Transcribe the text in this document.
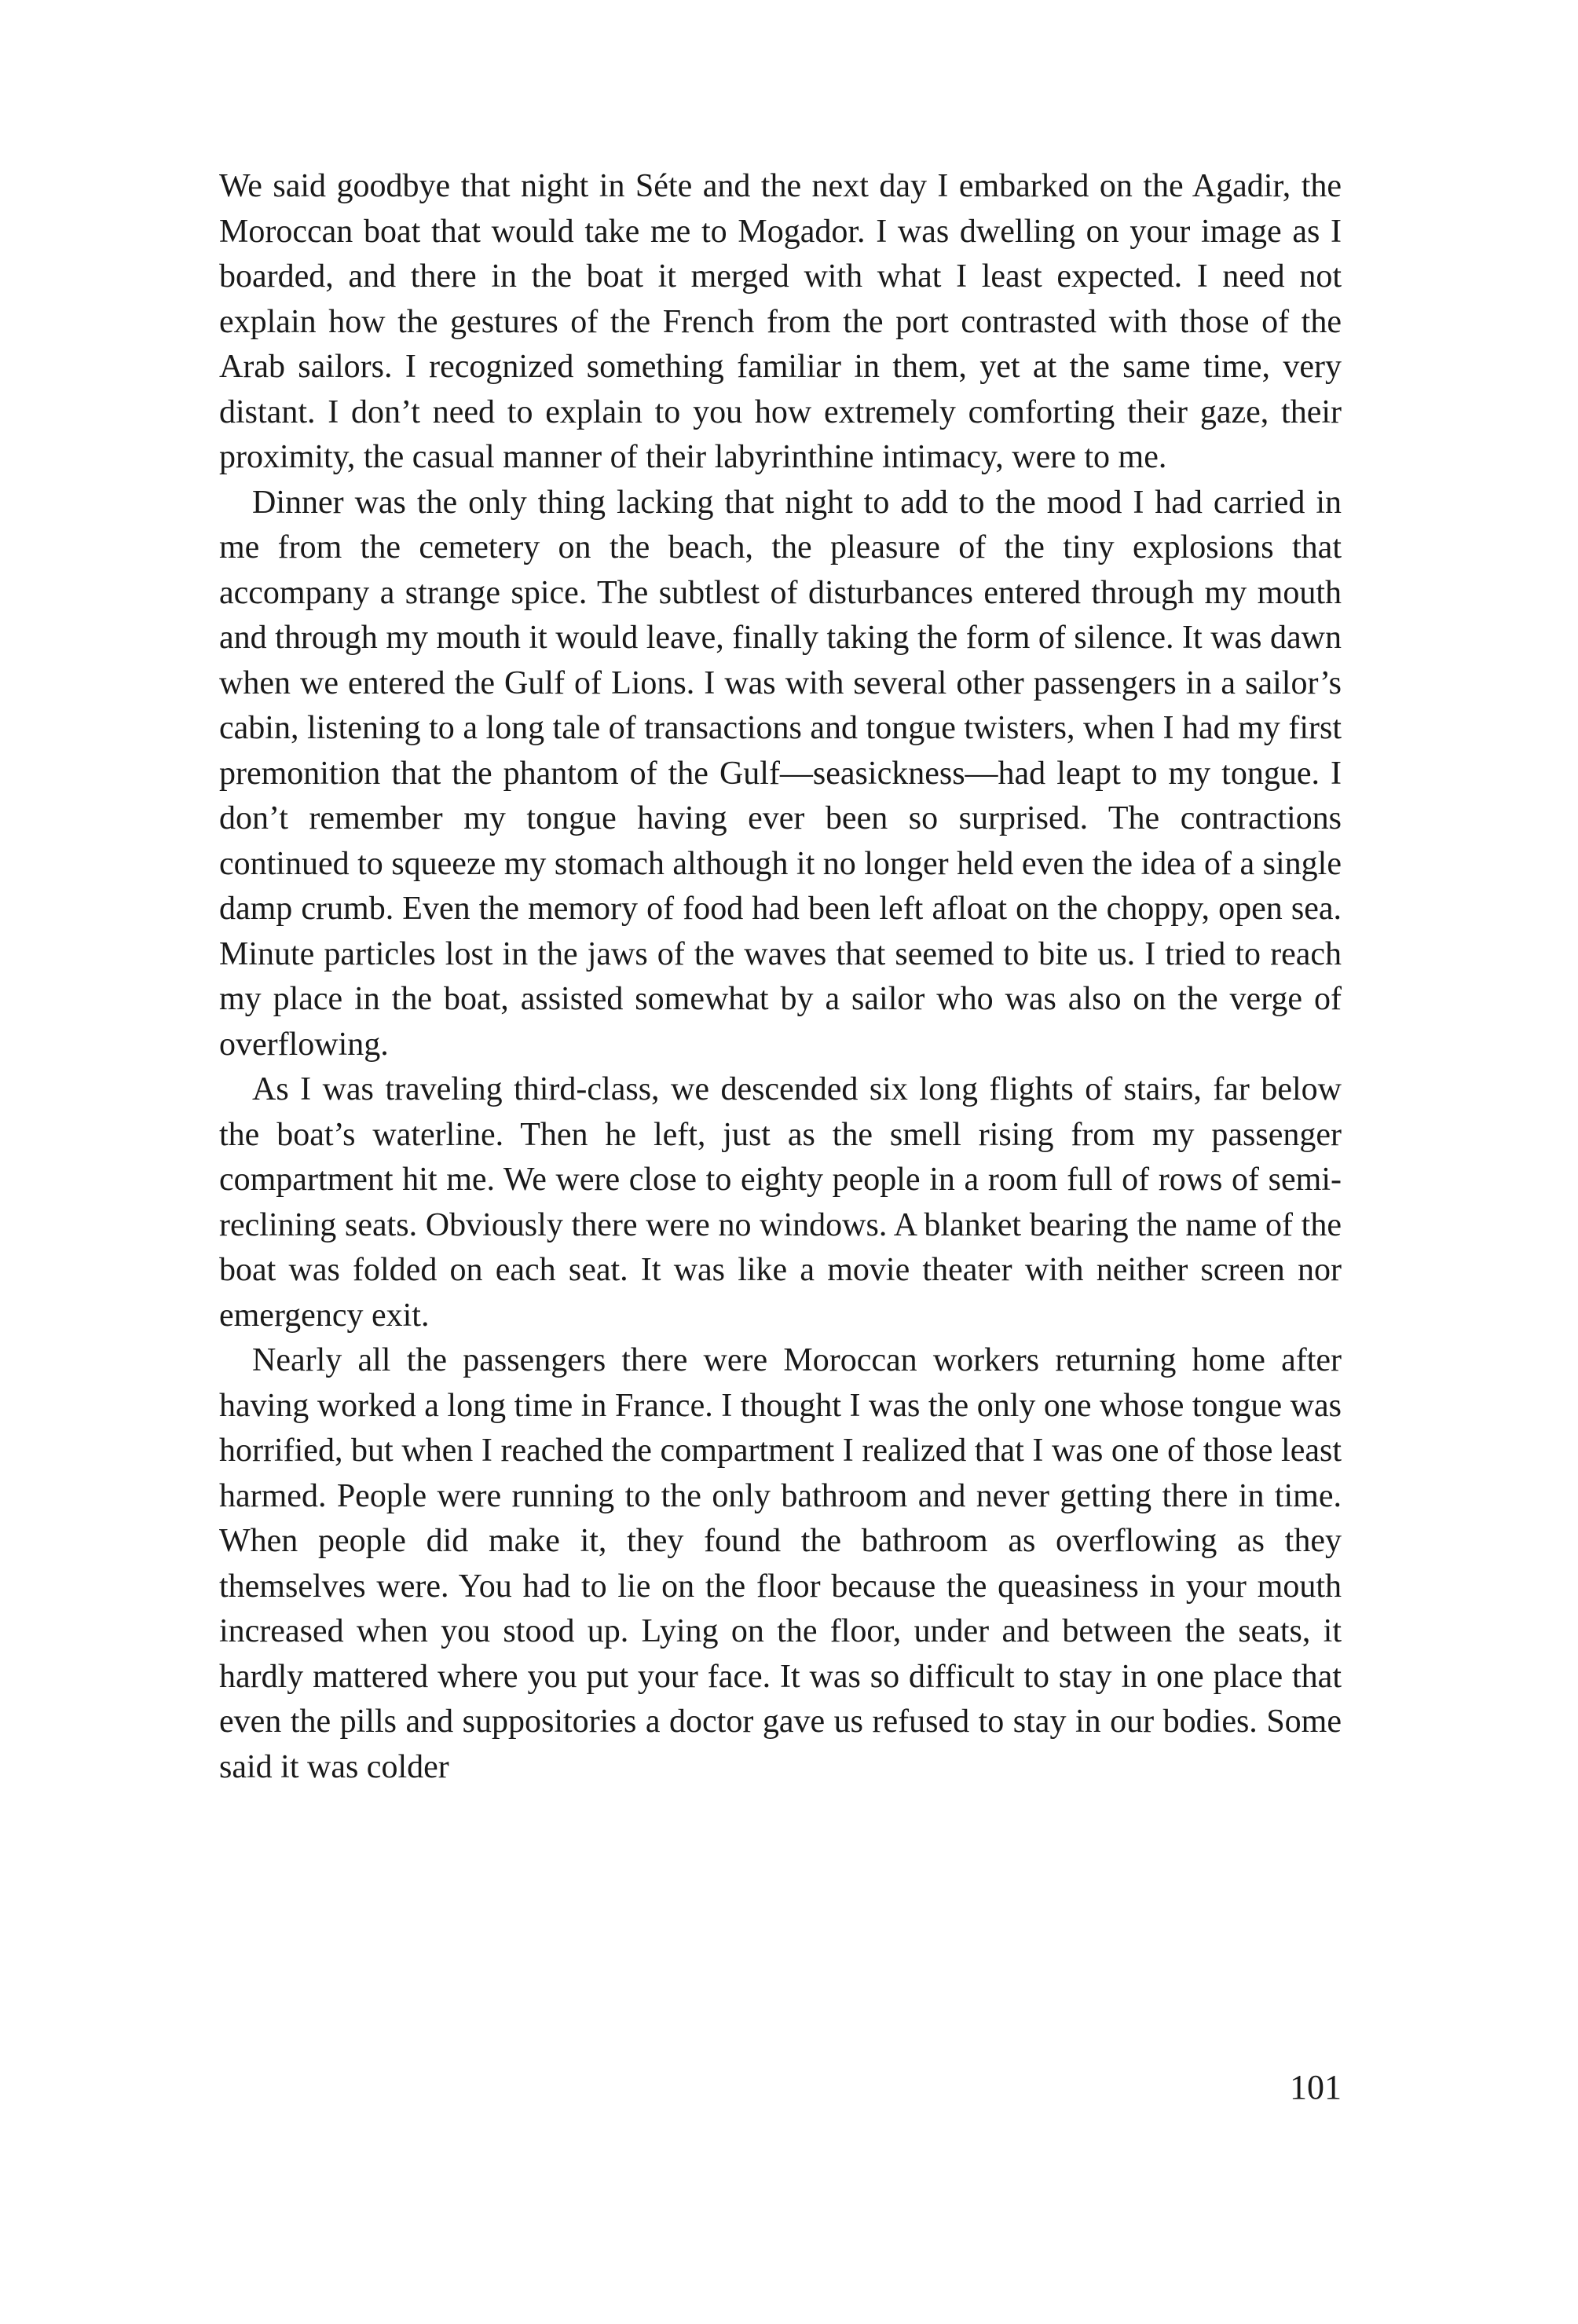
We said goodbye that night in Séte and the next day I embarked on the Agadir, the Moroccan boat that would take me to Mogador. I was dwelling on your image as I boarded, and there in the boat it merged with what I least expected. I need not explain how the gestures of the French from the port contrasted with those of the Arab sailors. I recognized something familiar in them, yet at the same time, very distant. I don’t need to explain to you how extremely comforting their gaze, their proximity, the casual manner of their labyrinthine intimacy, were to me.

Dinner was the only thing lacking that night to add to the mood I had carried in me from the cemetery on the beach, the pleasure of the tiny explosions that accompany a strange spice. The subtlest of disturbances entered through my mouth and through my mouth it would leave, finally taking the form of silence. It was dawn when we entered the Gulf of Lions. I was with several other passengers in a sailor’s cabin, listening to a long tale of transactions and tongue twisters, when I had my first premonition that the phantom of the Gulf—seasickness—had leapt to my tongue. I don’t remember my tongue having ever been so surprised. The contractions continued to squeeze my stomach although it no longer held even the idea of a single damp crumb. Even the memory of food had been left afloat on the choppy, open sea. Minute particles lost in the jaws of the waves that seemed to bite us. I tried to reach my place in the boat, assisted somewhat by a sailor who was also on the verge of overflowing.

As I was traveling third-class, we descended six long flights of stairs, far below the boat’s waterline. Then he left, just as the smell rising from my passenger compartment hit me. We were close to eighty people in a room full of rows of semi-reclining seats. Obviously there were no windows. A blanket bearing the name of the boat was folded on each seat. It was like a movie theater with neither screen nor emergency exit.

Nearly all the passengers there were Moroccan workers returning home after having worked a long time in France. I thought I was the only one whose tongue was horrified, but when I reached the compartment I realized that I was one of those least harmed. People were running to the only bathroom and never getting there in time. When people did make it, they found the bathroom as overflowing as they themselves were. You had to lie on the floor because the queasiness in your mouth increased when you stood up. Lying on the floor, under and between the seats, it hardly mattered where you put your face. It was so difficult to stay in one place that even the pills and suppositories a doctor gave us refused to stay in our bodies. Some said it was colder

101
